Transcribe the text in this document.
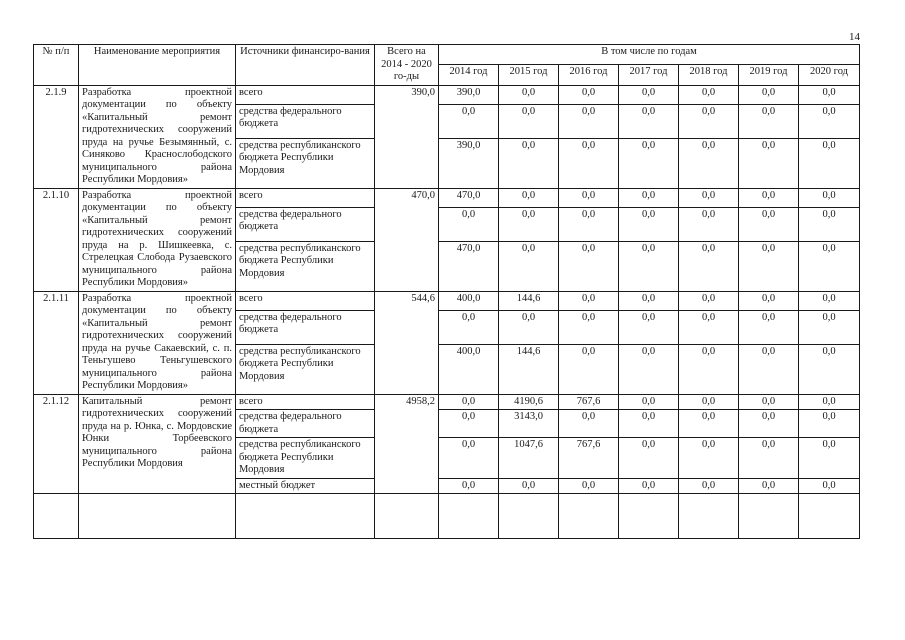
14
№ п/п	Наименование мероприятия	Источники финансиро-вания	Всего на 2014 - 2020 го-ды	В том числе по годам						
				2014 год	2015 год	2016 год	2017 год	2018 год	2019 год	2020 год
2.1.9	Разработка проектной документации по объекту «Капитальный ремонт гидротехнических сооружений пруда на ручье Безымянный, с. Синяково Краснослободского муниципального района Республики Мордовия»	всего	390,0	390,0	0,0	0,0	0,0	0,0	0,0	0,0
		средства федерального бюджета		0,0	0,0	0,0	0,0	0,0	0,0	0,0
		средства республиканского бюджета Республики Мордовия		390,0	0,0	0,0	0,0	0,0	0,0	0,0
2.1.10	Разработка проектной документации по объекту «Капитальный ремонт гидротехнических сооружений пруда на р. Шишкеевка, с. Стрелецкая Слобода Рузаевского муниципального района Республики Мордовия»	всего	470,0	470,0	0,0	0,0	0,0	0,0	0,0	0,0
		средства федерального бюджета		0,0	0,0	0,0	0,0	0,0	0,0	0,0
		средства республиканского бюджета Республики Мордовия		470,0	0,0	0,0	0,0	0,0	0,0	0,0
2.1.11	Разработка проектной документации по объекту «Капитальный ремонт гидротехнических сооружений пруда на ручье Сакаевский, с. п. Теньгушево Теньгушевского муниципального района Республики Мордовия»	всего	544,6	400,0	144,6	0,0	0,0	0,0	0,0	0,0
		средства федерального бюджета		0,0	0,0	0,0	0,0	0,0	0,0	0,0
		средства республиканского бюджета Республики Мордовия		400,0	144,6	0,0	0,0	0,0	0,0	0,0
2.1.12	Капитальный ремонт гидротехнических сооружений пруда на р. Юнка, с. Мордовские Юнки Торбеевского муниципального района Республики Мордовия	всего	4958,2	0,0	4190,6	767,6	0,0	0,0	0,0	0,0
		средства федерального бюджета		0,0	3143,0	0,0	0,0	0,0	0,0	0,0
		средства республиканского бюджета Республики Мордовия		0,0	1047,6	767,6	0,0	0,0	0,0	0,0
		местный бюджет		0,0	0,0	0,0	0,0	0,0	0,0	0,0
